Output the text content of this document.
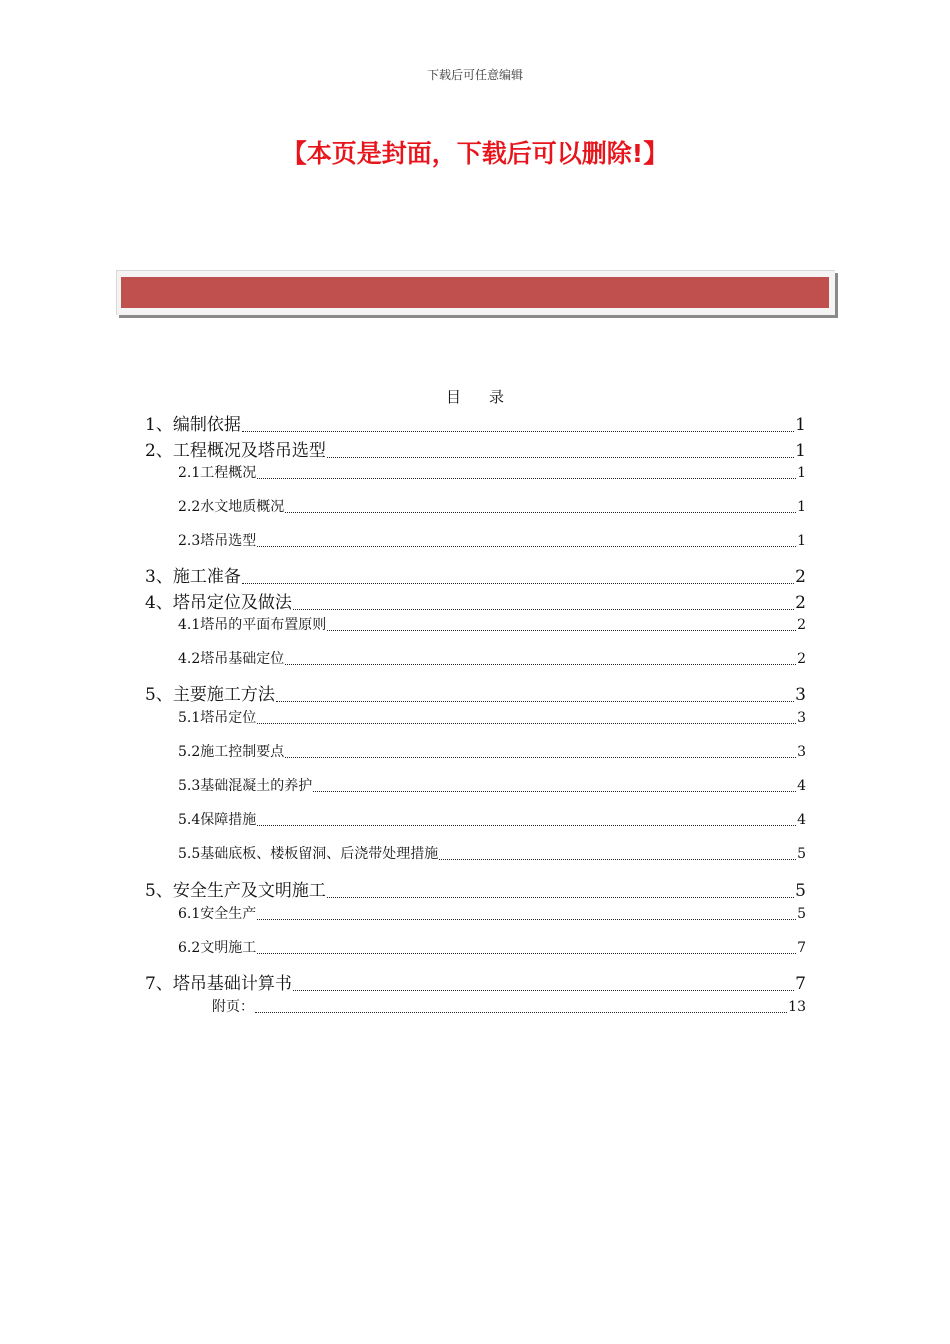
下载后可任意编辑
【本页是封面，下载后可以删除!】
目录
1、编制依据	1
2、工程概况及塔吊选型	1
2.1工程概况	1
2.2水文地质概况	1
2.3塔吊选型	1
3、施工准备	2
4、塔吊定位及做法	2
4.1塔吊的平面布置原则	2
4.2塔吊基础定位	2
5、主要施工方法	3
5.1塔吊定位	3
5.2施工控制要点	3
5.3基础混凝土的养护	4
5.4保障措施	4
5.5基础底板、楼板留洞、后浇带处理措施	5
5、安全生产及文明施工	5
6.1安全生产	5
6.2文明施工	7
7、塔吊基础计算书	7
附页：	13
